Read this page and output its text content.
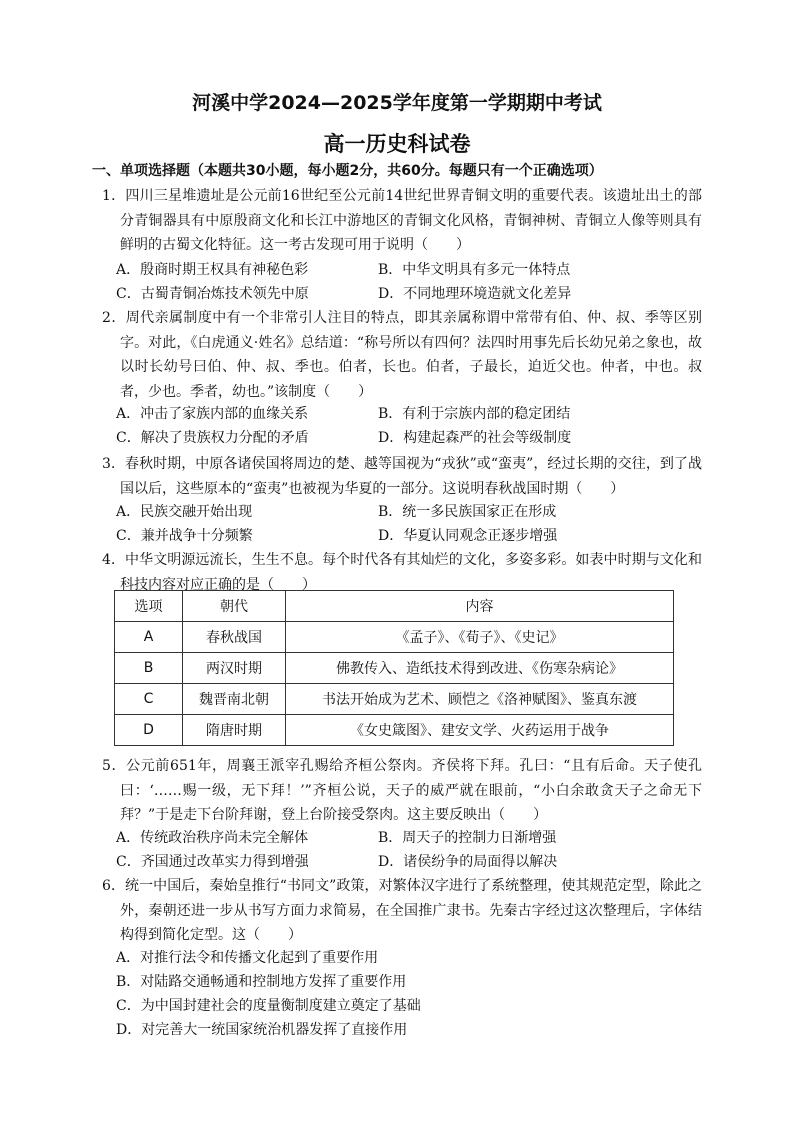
河溪中学2024—2025学年度第一学期期中考试
高一历史科试卷
一、单项选择题（本题共30小题，每小题2分，共60分。每题只有一个正确选项）
1．四川三星堆遗址是公元前16世纪至公元前14世纪世界青铜文明的重要代表。该遗址出土的部分青铜器具有中原殷商文化和长江中游地区的青铜文化风格，青铜神树、青铜立人像等则具有鲜明的古蜀文化特征。这一考古发现可用于说明（　　）
A．殷商时期王权具有神秘色彩	B．中华文明具有多元一体特点 C．古蜀青铜冶炼技术领先中原	D．不同地理环境造就文化差异
2．周代亲属制度中有一个非常引人注目的特点，即其亲属称谓中常带有伯、仲、叔、季等区别字。对此，《白虎通义·姓名》总结道：“称号所以有四何？法四时用事先后长幼兄弟之象也，故以时长幼号曰伯、仲、叔、季也。伯者，长也。伯者，子最长，迫近父也。仲者，中也。叔者，少也。季者，幼也。”该制度（　　）
A．冲击了家族内部的血缘关系	B．有利于宗族内部的稳定团结 C．解决了贵族权力分配的矛盾	D．构建起森严的社会等级制度
3．春秋时期，中原各诸侯国将周边的楚、越等国视为“戎狄”或“蛮夷”，经过长期的交往，到了战国以后，这些原本的“蛮夷”也被视为华夏的一部分。这说明春秋战国时期（　　）
A．民族交融开始出现	B．统一多民族国家正在形成 C．兼并战争十分频繁	D．华夏认同观念正逐步增强
4．中华文明源远流长，生生不息。每个时代各有其灿烂的文化，多姿多彩。如表中时期与文化和科技内容对应正确的是（　　）
选项	朝代	内容
A	春秋战国	《孟子》、《荀子》、《史记》
B	两汉时期	佛教传入、造纸技术得到改进、《伤寒杂病论》
C	魏晋南北朝	书法开始成为艺术、顾恺之《洛神赋图》、鉴真东渡
D	隋唐时期	《女史箴图》、建安文学、火药运用于战争
5．公元前651年，周襄王派宰孔赐给齐桓公祭肉。齐侯将下拜。孔曰：“且有后命。天子使孔曰：‘……赐一级，无下拜！’”齐桓公说，天子的威严就在眼前，“小白余敢贪天子之命无下拜？”于是走下台阶拜谢，登上台阶接受祭肉。这主要反映出（　　）
A．传统政治秩序尚未完全解体	B．周天子的控制力日渐增强 C．齐国通过改革实力得到增强	D．诸侯纷争的局面得以解决
6．统一中国后，秦始皇推行“书同文”政策，对繁体汉字进行了系统整理，使其规范定型，除此之外，秦朝还进一步从书写方面力求简易，在全国推广隶书。先秦古字经过这次整理后，字体结构得到简化定型。这（　　）
A．对推行法令和传播文化起到了重要作用
B．对陆路交通畅通和控制地方发挥了重要作用
C．为中国封建社会的度量衡制度建立奠定了基础
D．对完善大一统国家统治机器发挥了直接作用
